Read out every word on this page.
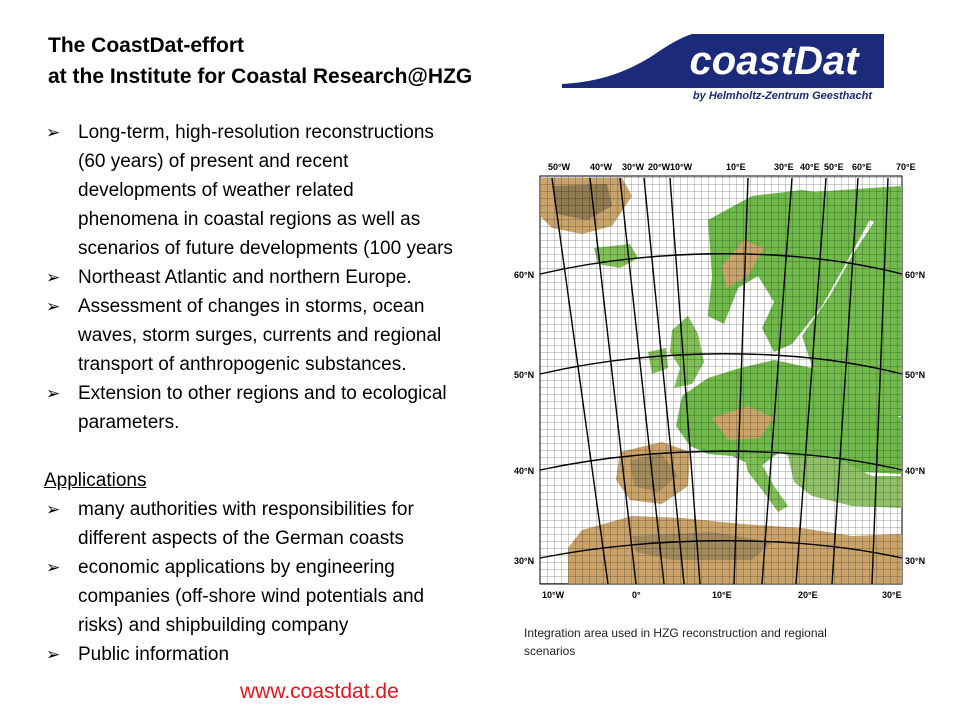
The CoastDat-effort
at the Institute for Coastal Research@HZG	coastDat
by Helmholtz-Zentrum Geesthacht
➢ Long-term, high-resolution reconstructions
(60 years) of present and recent
developments of weather related
phenomena in coastal regions as well as
scenarios of future developments (100 years
➢ Northeast Atlantic and northern Europe.
➢ Assessment of changes in storms, ocean
waves, storm surges, currents and regional
transport of anthropogenic substances.
➢ Extension to other regions and to ecological
parameters.
Applications
➢ many authorities with responsibilities for
different aspects of the German coasts
➢ economic applications by engineering
companies (off-shore wind potentials and
risks) and shipbuilding company
➢ Public information
50°W 40°W 30°W 20°W 10°W	10°E	30°E 40°E 50°E 60°E	70°E
10°W	0°	10°E	20°E	30°E
60°N
50°N
40°N
30°N
60°N
50°N
40°N
30°N
Integration area used in HZG reconstruction and regional
scenarios
www.coastdat.de
